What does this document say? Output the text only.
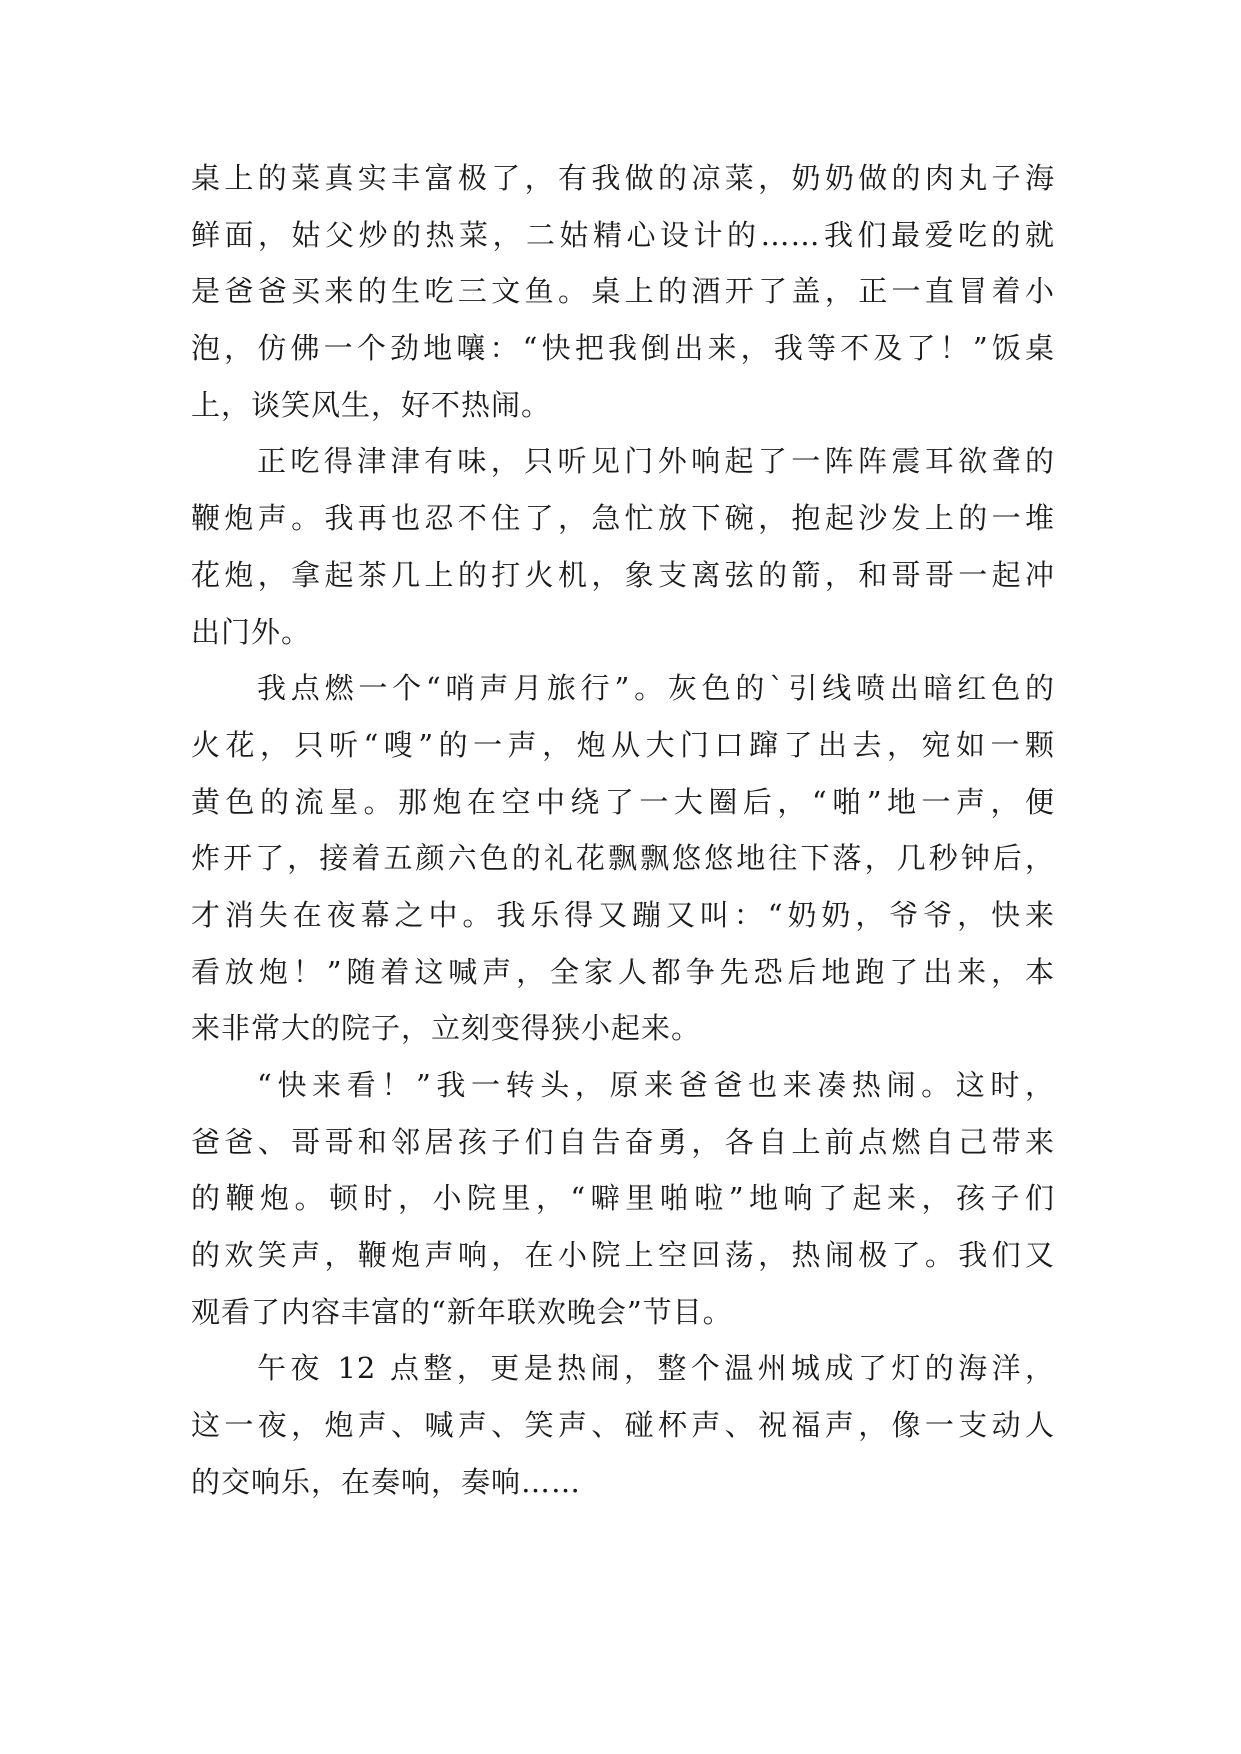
桌上的菜真实丰富极了，有我做的凉菜，奶奶做的肉丸子海
鲜面，姑父炒的热菜，二姑精心设计的……我们最爱吃的就
是爸爸买来的生吃三文鱼。桌上的酒开了盖，正一直冒着小
泡，仿佛一个劲地嚷：“快把我倒出来，我等不及了！”饭桌
上，谈笑风生，好不热闹。
正吃得津津有味，只听见门外响起了一阵阵震耳欲聋的
鞭炮声。我再也忍不住了，急忙放下碗，抱起沙发上的一堆
花炮，拿起茶几上的打火机，象支离弦的箭，和哥哥一起冲
出门外。
我点燃一个“哨声月旅行”。灰色的`引线喷出暗红色的
火花，只听“嗖”的一声，炮从大门口蹿了出去，宛如一颗
黄色的流星。那炮在空中绕了一大圈后，“啪”地一声，便
炸开了，接着五颜六色的礼花飘飘悠悠地往下落，几秒钟后，
才消失在夜幕之中。我乐得又蹦又叫：“奶奶，爷爷，快来
看放炮！”随着这喊声，全家人都争先恐后地跑了出来，本
来非常大的院子，立刻变得狭小起来。
“快来看！”我一转头，原来爸爸也来凑热闹。这时，
爸爸、哥哥和邻居孩子们自告奋勇，各自上前点燃自己带来
的鞭炮。顿时，小院里，“噼里啪啦”地响了起来，孩子们
的欢笑声，鞭炮声响，在小院上空回荡，热闹极了。我们又
观看了内容丰富的“新年联欢晚会”节目。
午夜 12 点整，更是热闹，整个温州城成了灯的海洋，
这一夜，炮声、喊声、笑声、碰杯声、祝福声，像一支动人
的交响乐，在奏响，奏响……
